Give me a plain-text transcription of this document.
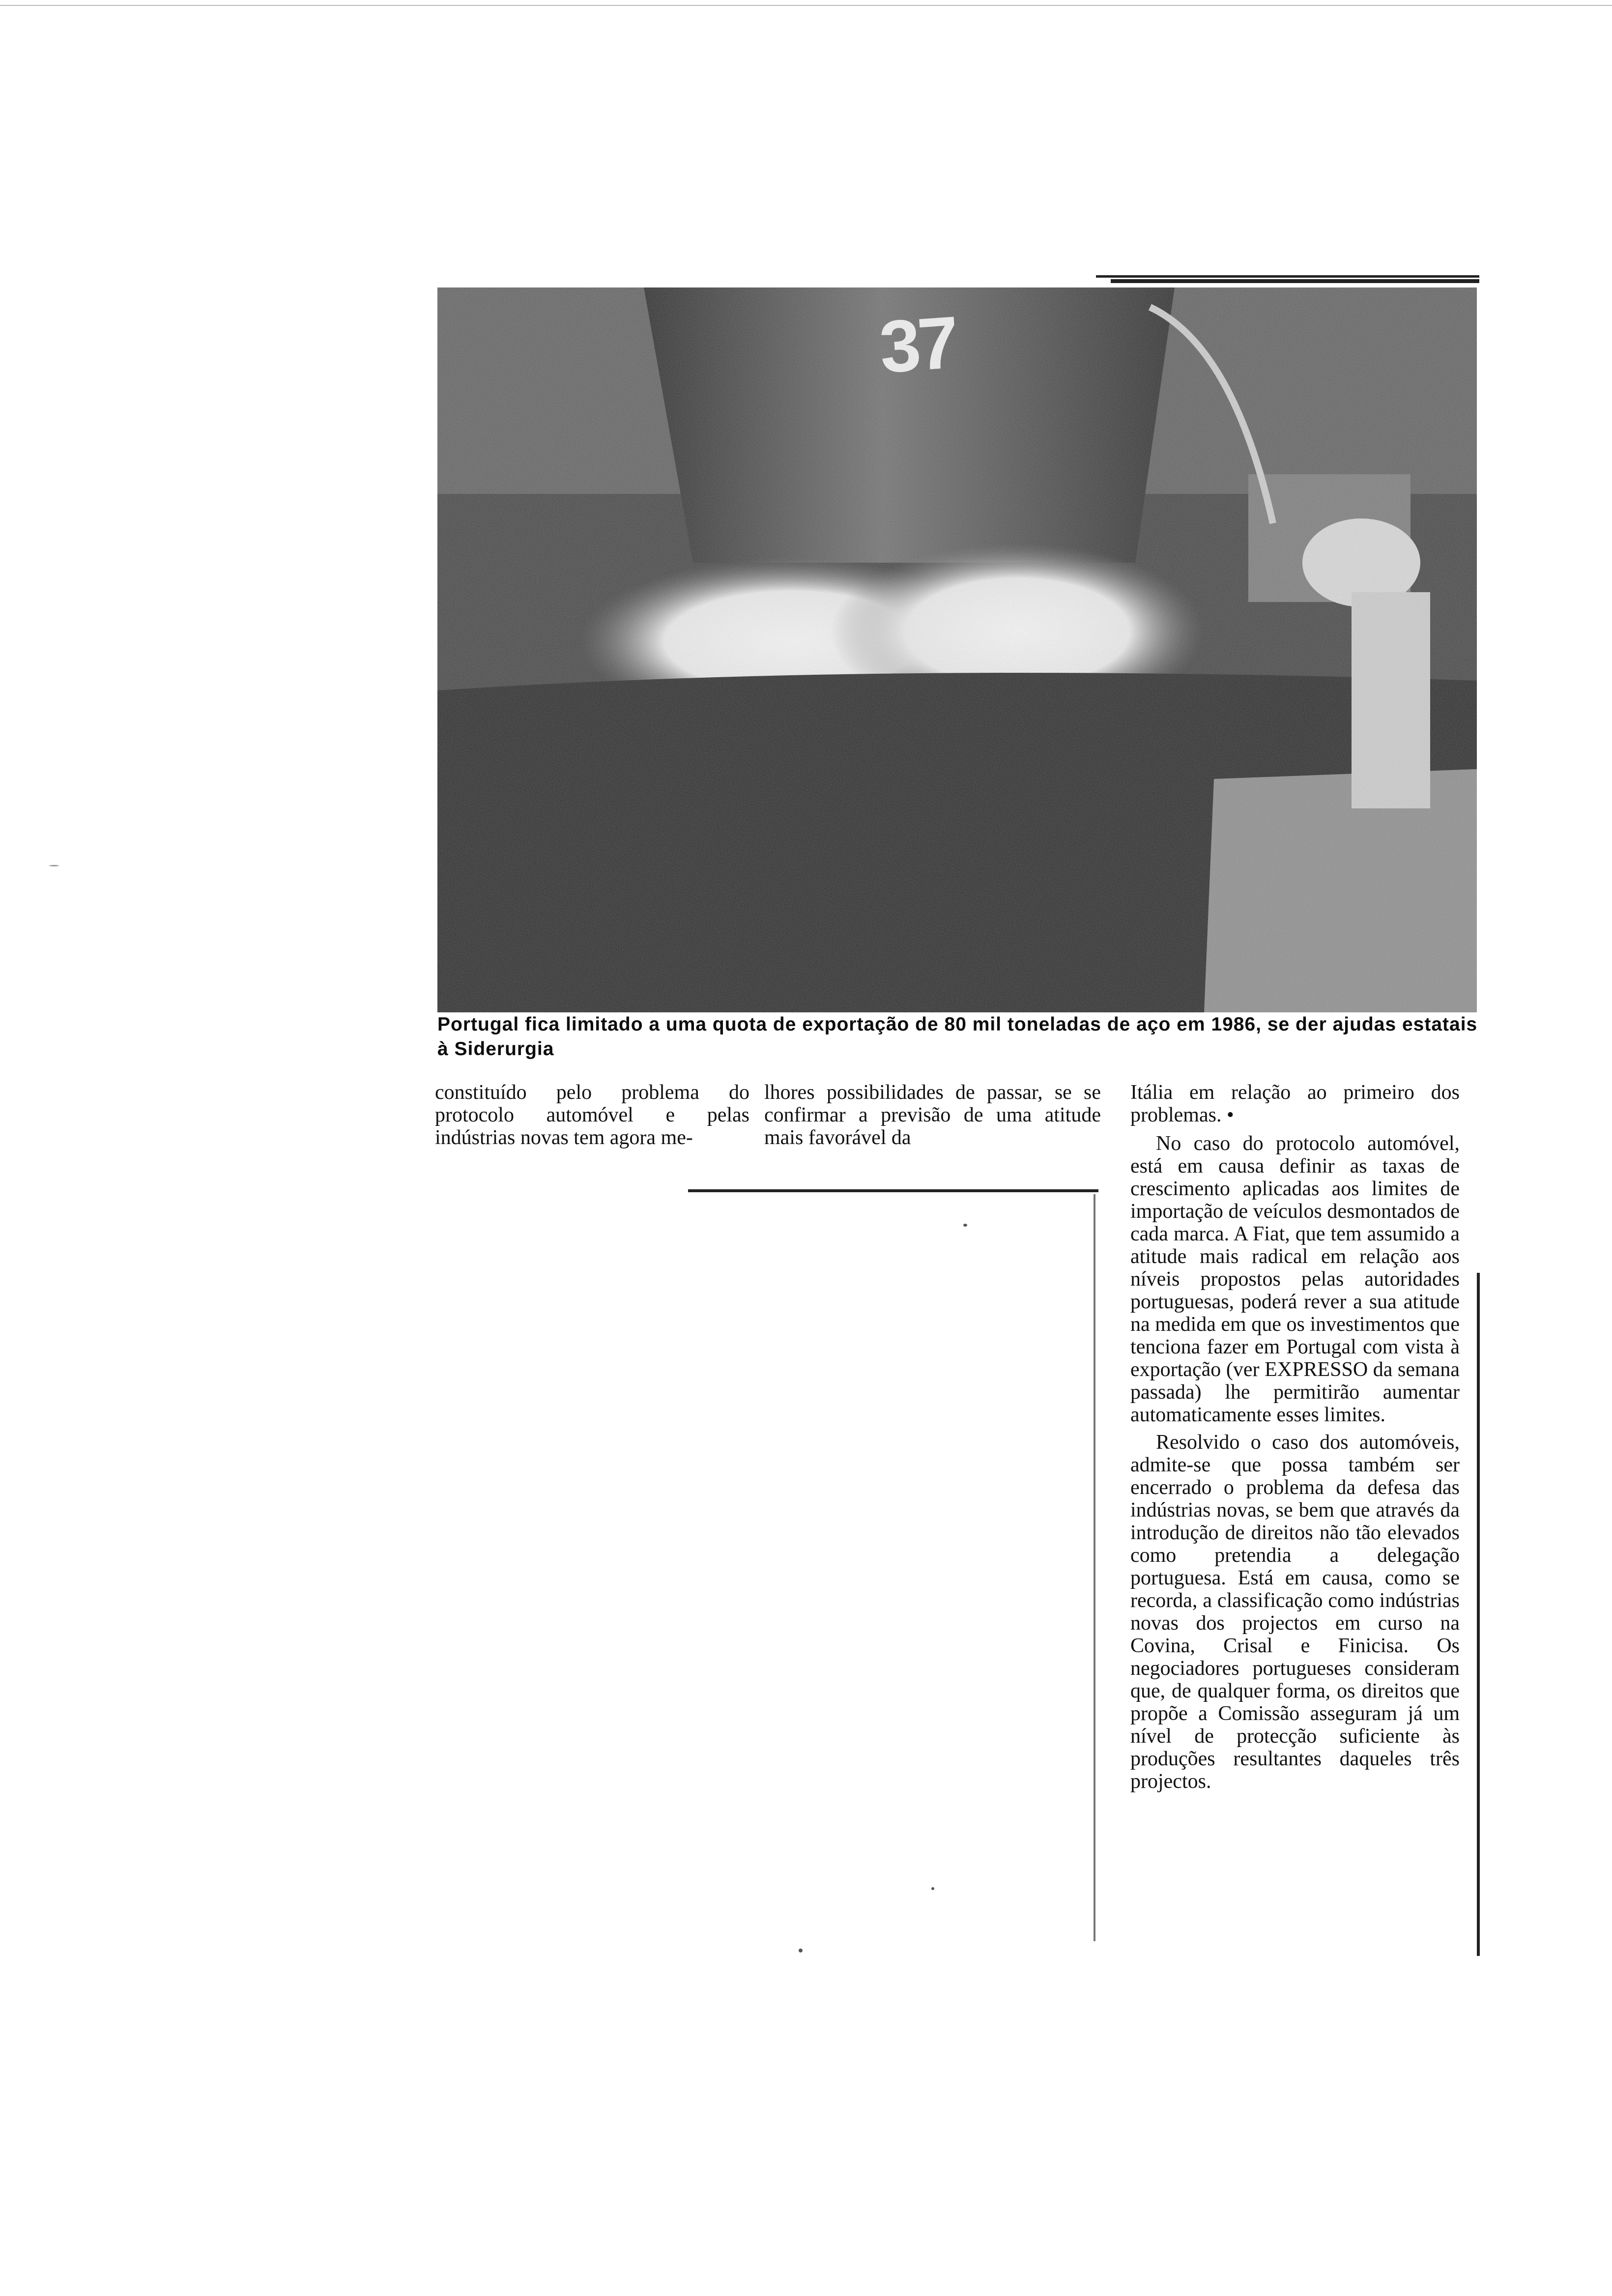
37
Portugal fica limitado a uma quota de exportação de 80 mil toneladas de aço em 1986, se der ajudas estatais à Siderurgia

constituído pelo problema do protocolo automóvel e pelas indústrias novas tem agora me-

lhores possibilidades de passar, se se confirmar a previsão de uma atitude mais favorável da

Itália em relação ao primeiro dos problemas. •

No caso do protocolo automóvel, está em causa definir as taxas de crescimento aplicadas aos limites de importação de veículos desmontados de cada marca. A Fiat, que tem assumido a atitude mais radical em relação aos níveis propostos pelas autoridades portuguesas, poderá rever a sua atitude na medida em que os investimentos que tenciona fazer em Portugal com vista à exportação (ver EXPRESSO da semana passada) lhe permitirão aumentar automaticamente esses limites.

Resolvido o caso dos automóveis, admite-se que possa também ser encerrado o problema da defesa das indústrias novas, se bem que através da introdução de direitos não tão elevados como pretendia a delegação portuguesa. Está em causa, como se recorda, a classificação como indústrias novas dos projectos em curso na Covina, Crisal e Finicisa. Os negociadores portugueses consideram que, de qualquer forma, os direitos que propõe a Comissão asseguram já um nível de protecção suficiente às produções resultantes daqueles três projectos.
